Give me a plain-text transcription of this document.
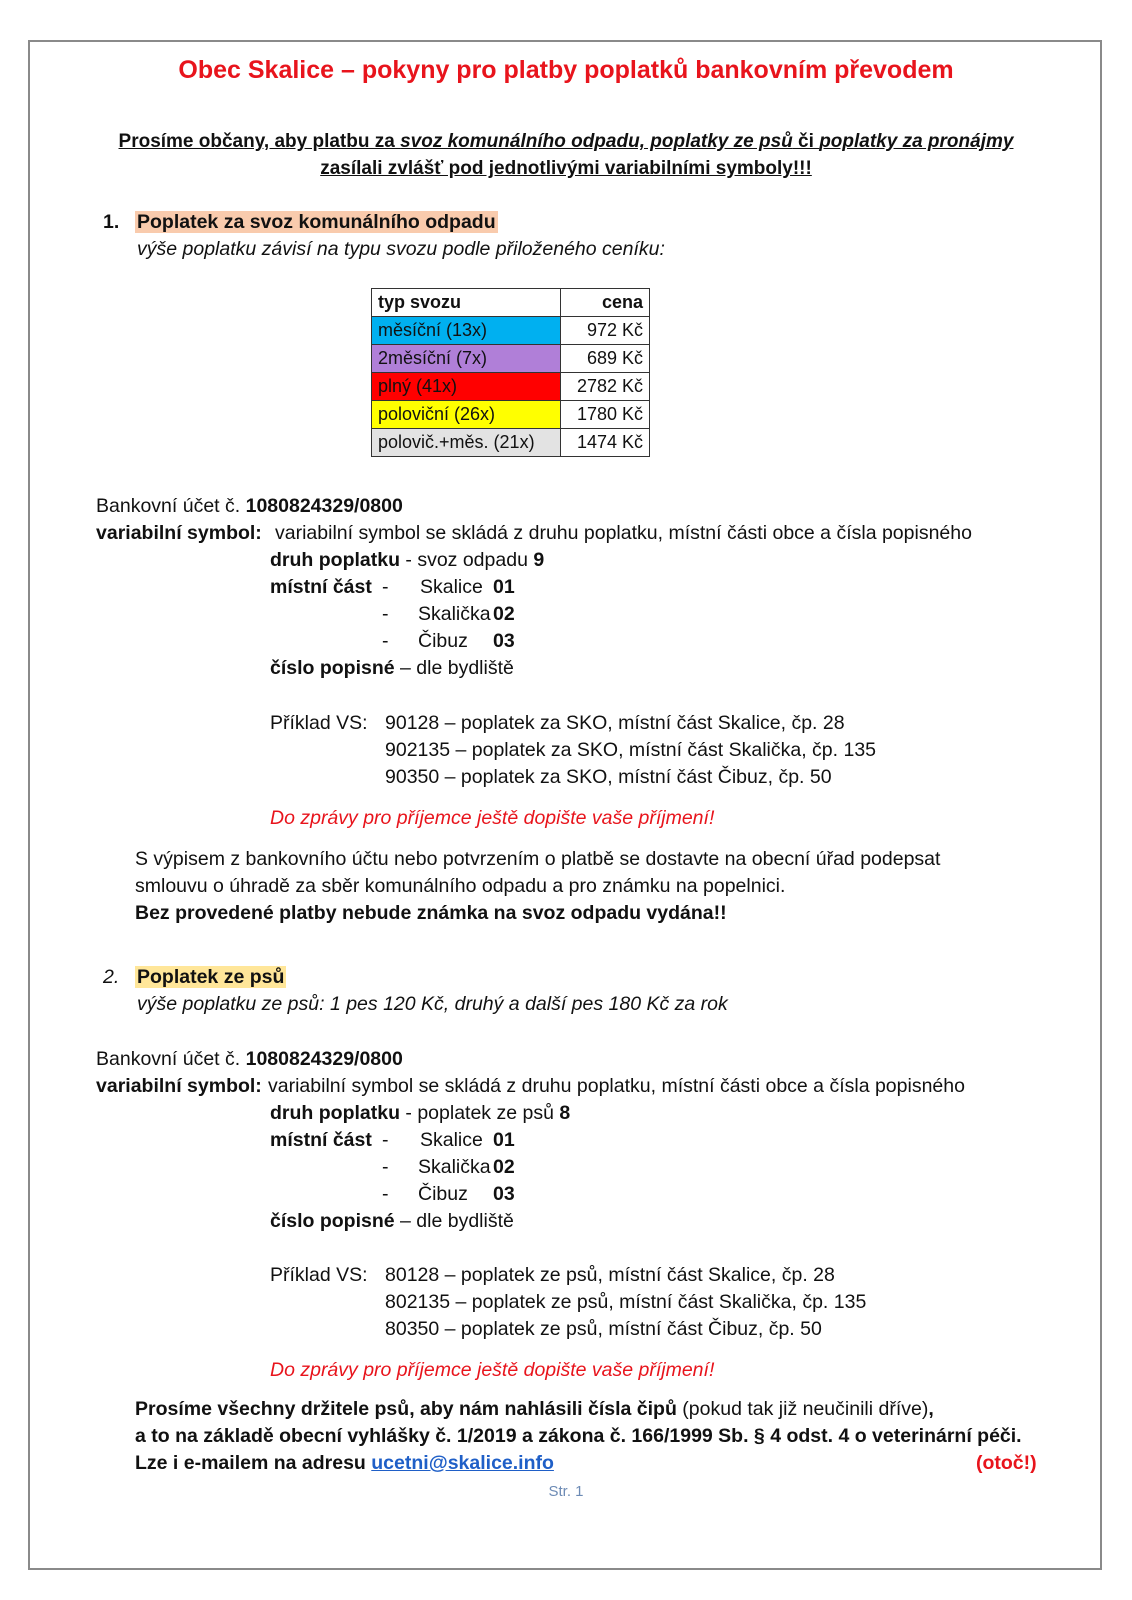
Obec Skalice – pokyny pro platby poplatků bankovním převodem
Prosíme občany, aby platbu za svoz komunálního odpadu, poplatky ze psů či poplatky za pronájmy
zasílali zvlášť pod jednotlivými variabilními symboly!!!
1. Poplatek za svoz komunálního odpadu
výše poplatku závisí na typu svozu podle přiloženého ceníku:
typ svozu	cena
měsíční (13x)	972 Kč
2měsíční (7x)	689 Kč
plný (41x)	2782 Kč
poloviční (26x)	1780 Kč
polovič.+měs. (21x)	1474 Kč
Bankovní účet č. 1080824329/0800
variabilní symbol: variabilní symbol se skládá z druhu poplatku, místní části obce a čísla popisného
druh poplatku - svoz odpadu 9
místní část - Skalice 01
- Skalička 02
- Čibuz 03
číslo popisné – dle bydliště
Příklad VS: 90128 – poplatek za SKO, místní část Skalice, čp. 28
902135 – poplatek za SKO, místní část Skalička, čp. 135
90350 – poplatek za SKO, místní část Čibuz, čp. 50
Do zprávy pro příjemce ještě dopište vaše příjmení!
S výpisem z bankovního účtu nebo potvrzením o platbě se dostavte na obecní úřad podepsat
smlouvu o úhradě za sběr komunálního odpadu a pro známku na popelnici.
Bez provedené platby nebude známka na svoz odpadu vydána!!
2. Poplatek ze psů
výše poplatku ze psů: 1 pes 120 Kč, druhý a další pes 180 Kč za rok
Bankovní účet č. 1080824329/0800
variabilní symbol: variabilní symbol se skládá z druhu poplatku, místní části obce a čísla popisného
druh poplatku - poplatek ze psů 8
místní část - Skalice 01
- Skalička 02
- Čibuz 03
číslo popisné – dle bydliště
Příklad VS: 80128 – poplatek ze psů, místní část Skalice, čp. 28
802135 – poplatek ze psů, místní část Skalička, čp. 135
80350 – poplatek ze psů, místní část Čibuz, čp. 50
Do zprávy pro příjemce ještě dopište vaše příjmení!
Prosíme všechny držitele psů, aby nám nahlásili čísla čipů (pokud tak již neučinili dříve),
a to na základě obecní vyhlášky č. 1/2019 a zákona č. 166/1999 Sb. § 4 odst. 4 o veterinární péči.
Lze i e-mailem na adresu ucetni@skalice.info	(otoč!)
Str. 1
